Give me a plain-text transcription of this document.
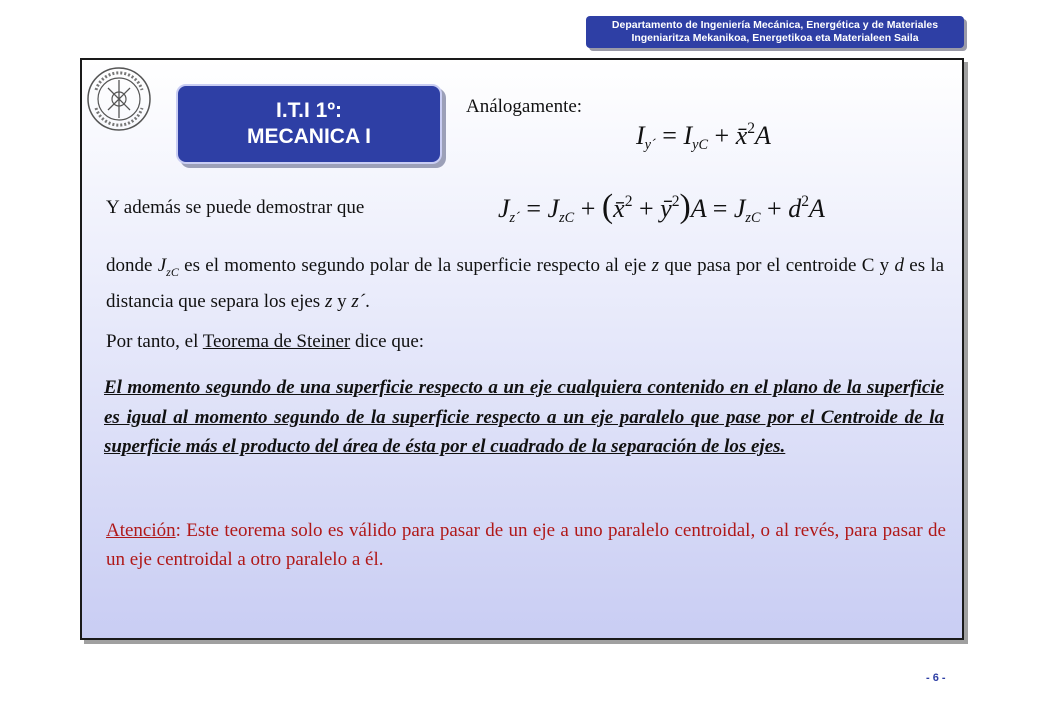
Departamento de Ingeniería Mecánica, Energética y de Materiales
Ingeniaritza Mekanikoa, Energetikoa eta Materialeen Saila
I.T.I 1º:
MECANICA I
Análogamente:
$I_{y´} = I_{yC}$ + x̄$^2$A
Y además se puede demostrar que	$J_{z´} = J_{zC}$ + (x̄$^2$ + $ȳ^2)A = J_{zC} + d^2A$
donde $J_{zC}$ es el momento segundo polar de la superficie respecto al eje z que pasa por el centroide C y d es la distancia que separa los ejes z y z´.
Por tanto, el Teorema de Steiner dice que:
El momento segundo de una superficie respecto a un eje cualquiera contenido en el plano de la superficie es igual al momento segundo de la superficie respecto a un eje paralelo que pase por el Centroide de la superficie más el producto del área de ésta por el cuadrado de la separación de los ejes.
Atención: Este teorema solo es válido para pasar de un eje a uno paralelo centroidal, o al revés, para pasar de un eje centroidal a otro paralelo a él.
- 6 -
